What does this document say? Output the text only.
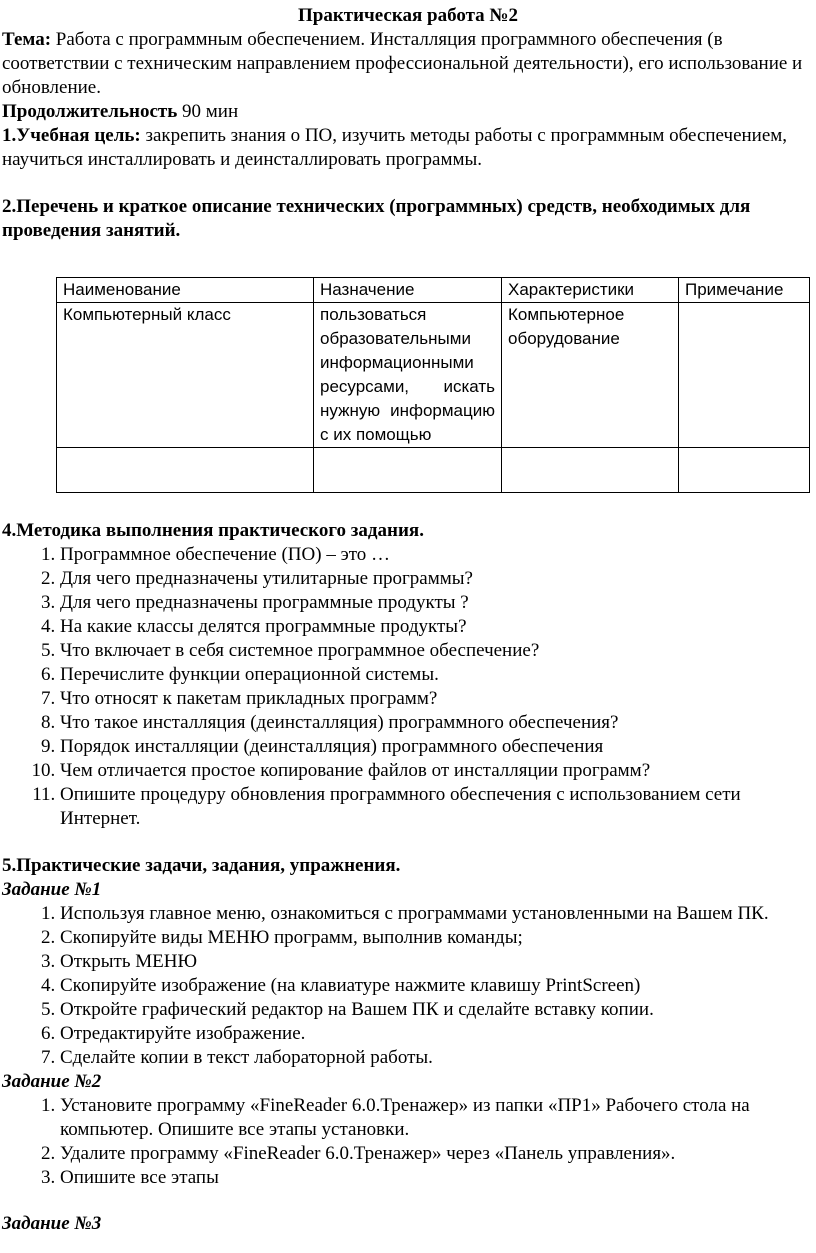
Практическая работа №2

Тема: Работа с программным обеспечением. Инсталляция программного обеспечения (в соответствии с техническим направлением профессиональной деятельности), его использование и обновление.

Продолжительность 90 мин

1.Учебная цель: закрепить знания о ПО, изучить методы работы с программным обеспечением, научиться инсталлировать и деинсталлировать программы.

2.Перечень и краткое описание технических (программных) средств, необходимых для проведения занятий.

Наименование	Назначение	Характеристики	Примечание
Компьютерный класс	пользоваться образовательными информационными ресурсами, искать нужную информацию с их помощью	Компьютерное оборудование	

4.Методика выполнения практического задания.

1. Программное обеспечение (ПО) – это …
2. Для чего предназначены утилитарные программы?
3. Для чего предназначены программные продукты ?
4. На какие классы делятся программные продукты?
5. Что включает в себя системное программное обеспечение?
6. Перечислите функции операционной системы.
7. Что относят к пакетам прикладных программ?
8. Что такое инсталляция (деинсталляция) программного обеспечения?
9. Порядок инсталляции (деинсталляция) программного обеспечения
10. Чем отличается простое копирование файлов от инсталляции программ?
11. Опишите процедуру обновления программного обеспечения с использованием сети Интернет.

5.Практические задачи, задания, упражнения.

Задание №1

1. Используя главное меню, ознакомиться с программами установленными на Вашем ПК.
2. Скопируйте виды МЕНЮ программ, выполнив команды;
3. Открыть МЕНЮ
4. Скопируйте изображение (на клавиатуре нажмите клавишу PrintScreen)
5. Откройте графический редактор на Вашем ПК и сделайте вставку копии.
6. Отредактируйте изображение.
7. Сделайте копии в текст лабораторной работы.

Задание №2

1. Установите программу «FineReader 6.0.Тренажер» из папки «ПР1» Рабочего стола на компьютер. Опишите все этапы установки.
2. Удалите программу «FineReader 6.0.Тренажер» через «Панель управления».
3. Опишите все этапы

Задание №3
